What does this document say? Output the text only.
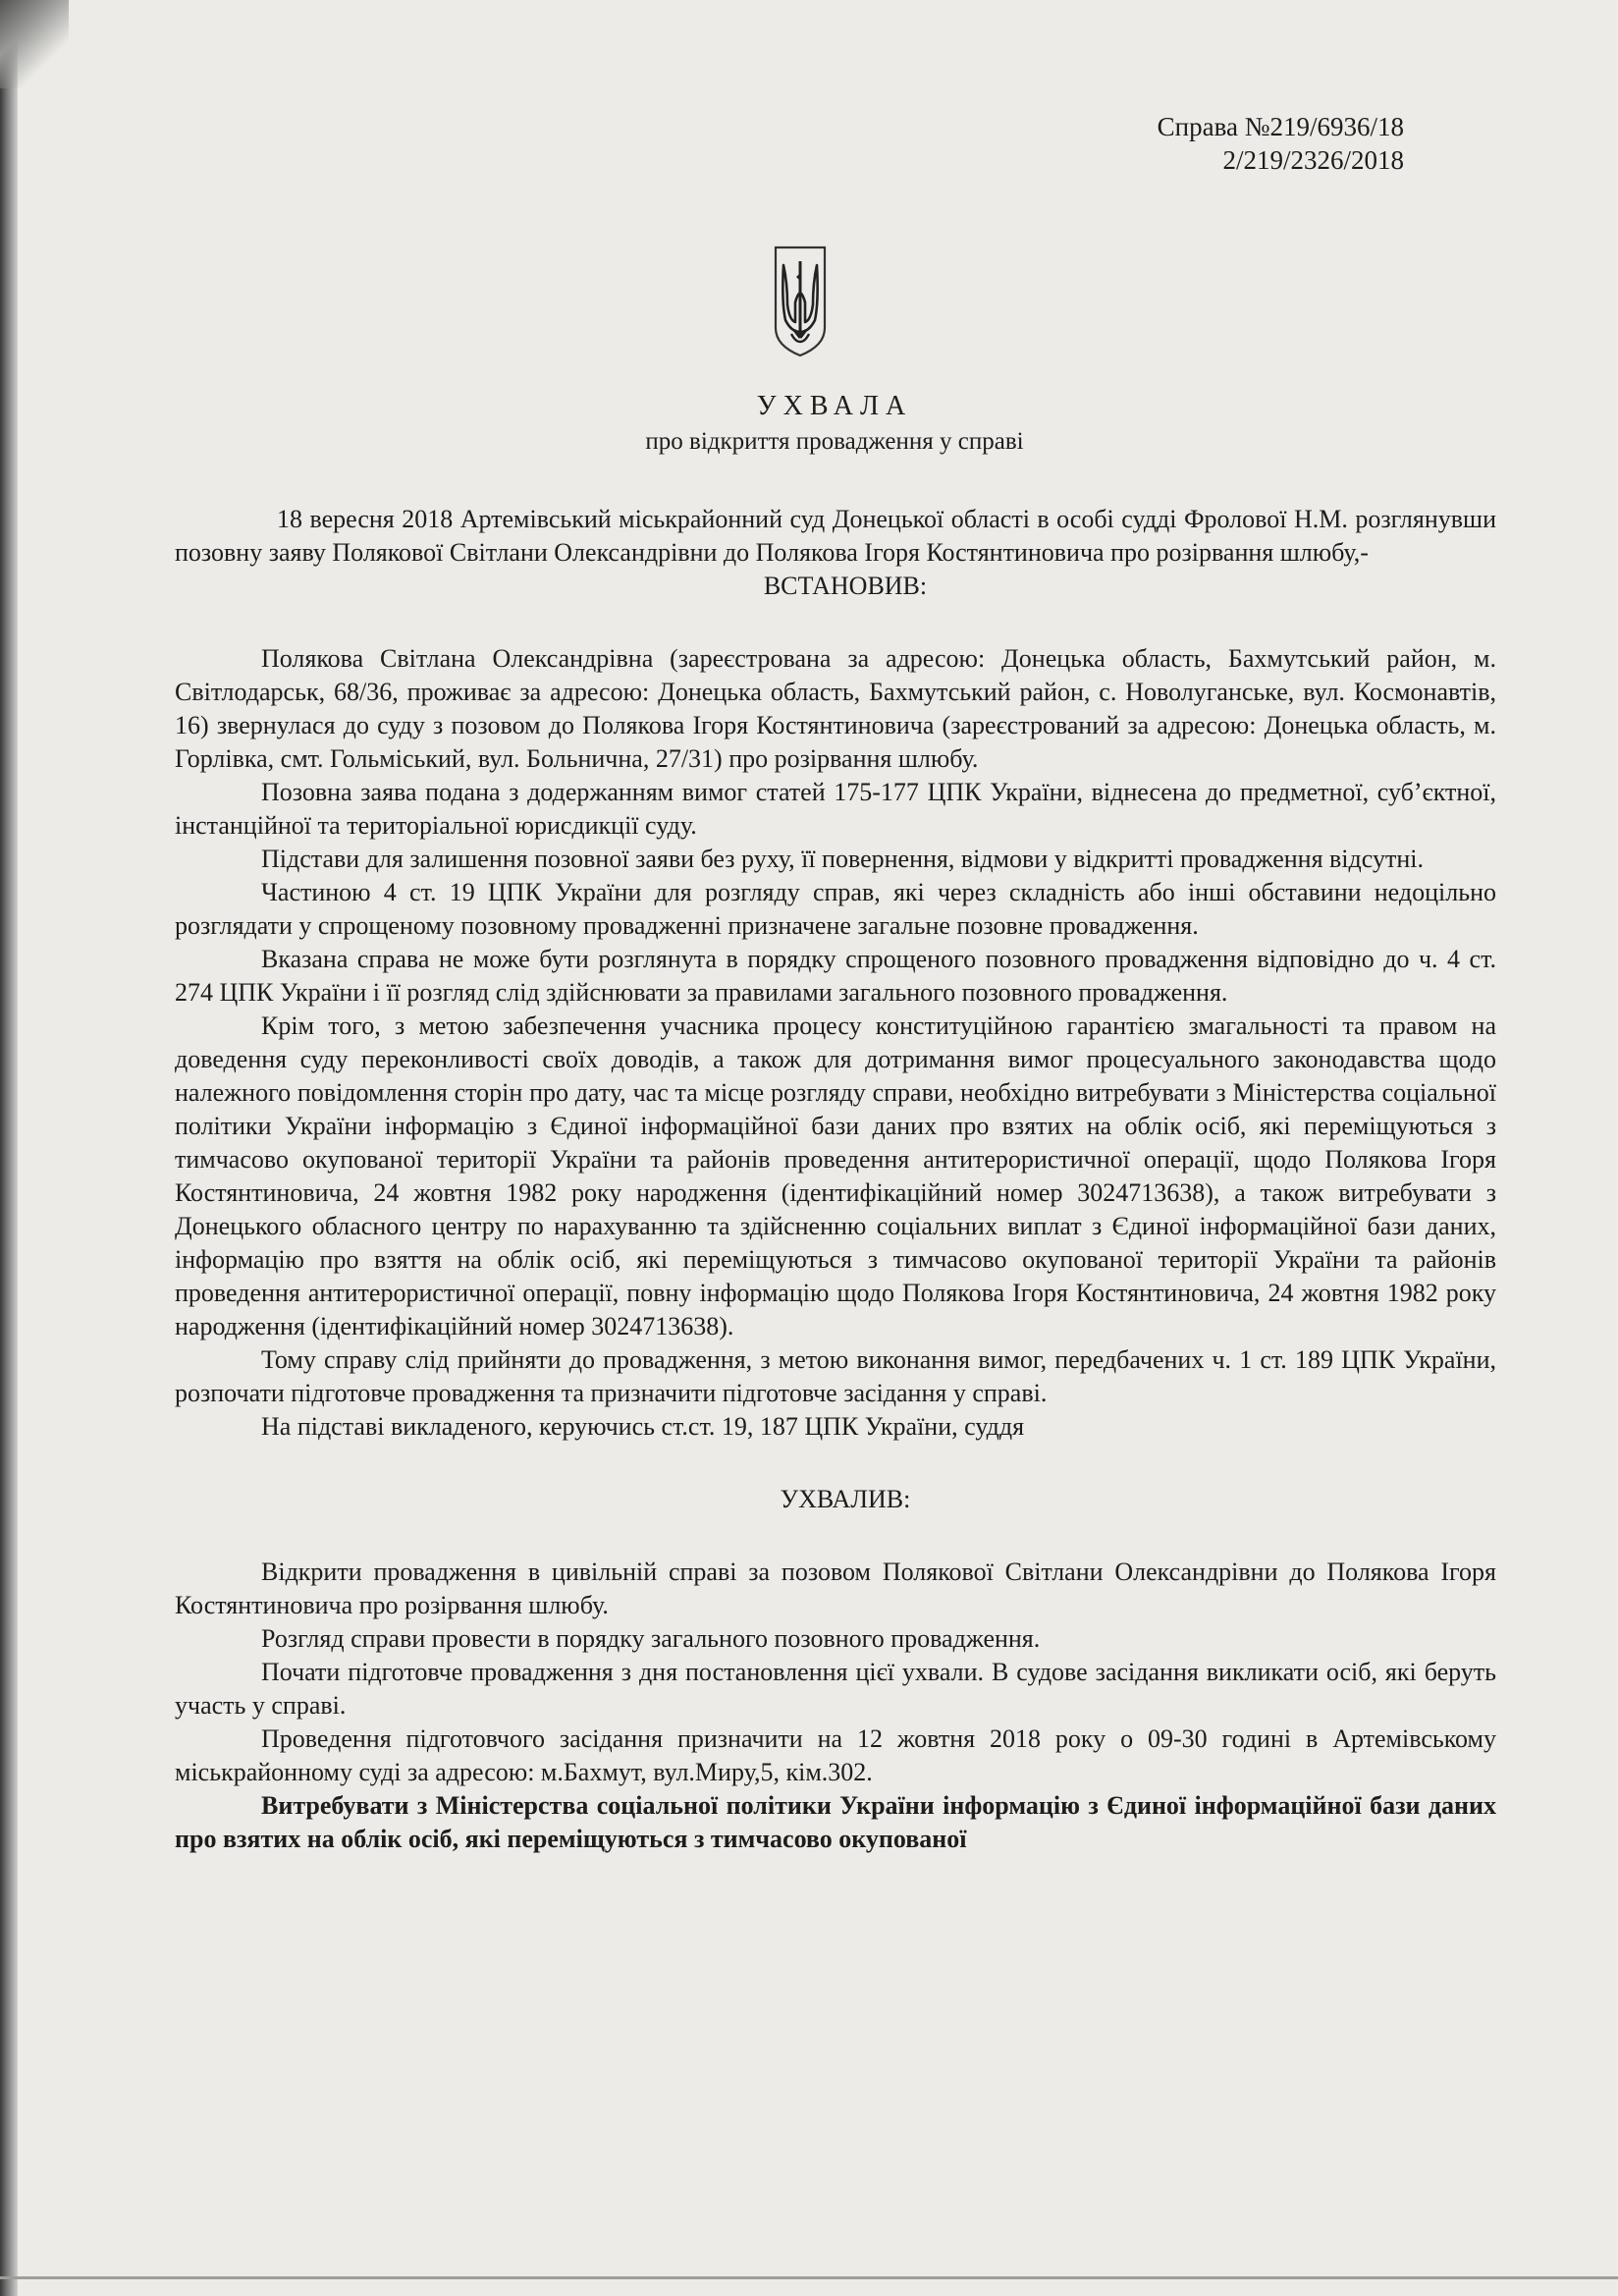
Справа №219/6936/18
2/219/2326/2018
УХВАЛА
про відкриття провадження у справі

18 вересня 2018 Артемівський міськрайонний суд Донецької області в особі судді Фролової Н.М. розглянувши позовну заяву Полякової Світлани Олександрівни до Полякова Ігоря Костянтиновича про розірвання шлюбу,-

ВСТАНОВИВ:

Полякова Світлана Олександрівна (зареєстрована за адресою: Донецька область, Бахмутський район, м. Світлодарськ, 68/36, проживає за адресою: Донецька область, Бахмутський район, с. Новолуганське, вул. Космонавтів, 16) звернулася до суду з позовом до Полякова Ігоря Костянтиновича (зареєстрований за адресою: Донецька область, м. Горлівка, смт. Гольміський, вул. Больнична, 27/31) про розірвання шлюбу.

Позовна заява подана з додержанням вимог статей 175-177 ЦПК України, віднесена до предметної, суб’єктної, інстанційної та територіальної юрисдикції суду.

Підстави для залишення позовної заяви без руху, її повернення, відмови у відкритті провадження відсутні.

Частиною 4 ст. 19 ЦПК України для розгляду справ, які через складність або інші обставини недоцільно розглядати у спрощеному позовному провадженні призначене загальне позовне провадження.

Вказана справа не може бути розглянута в порядку спрощеного позовного провадження відповідно до ч. 4 ст. 274 ЦПК України і її розгляд слід здійснювати за правилами загального позовного провадження.

Крім того, з метою забезпечення учасника процесу конституційною гарантією змагальності та правом на доведення суду переконливості своїх доводів, а також для дотримання вимог процесуального законодавства щодо належного повідомлення сторін про дату, час та місце розгляду справи, необхідно витребувати з Міністерства соціальної політики України інформацію з Єдиної інформаційної бази даних про взятих на облік осіб, які переміщуються з тимчасово окупованої території України та районів проведення антитерористичної операції, щодо Полякова Ігоря Костянтиновича, 24 жовтня 1982 року народження (ідентифікаційний номер 3024713638), а також витребувати з Донецького обласного центру по нарахуванню та здійсненню соціальних виплат з Єдиної інформаційної бази даних, інформацію про взяття на облік осіб, які переміщуються з тимчасово окупованої території України та районів проведення антитерористичної операції, повну інформацію щодо Полякова Ігоря Костянтиновича, 24 жовтня 1982 року народження (ідентифікаційний номер 3024713638).

Тому справу слід прийняти до провадження, з метою виконання вимог, передбачених ч. 1 ст. 189 ЦПК України, розпочати підготовче провадження та призначити підготовче засідання у справі.

На підставі викладеного, керуючись ст.ст. 19, 187 ЦПК України, суддя

УХВАЛИВ:

Відкрити провадження в цивільній справі за позовом Полякової Світлани Олександрівни до Полякова Ігоря Костянтиновича про розірвання шлюбу.

Розгляд справи провести в порядку загального позовного провадження.

Почати підготовче провадження з дня постановлення цієї ухвали. В судове засідання викликати осіб, які беруть участь у справі.

Проведення підготовчого засідання призначити на 12 жовтня 2018 року о 09-30 годині в Артемівському міськрайонному суді за адресою: м.Бахмут, вул.Миру,5, кім.302.

Витребувати з Міністерства соціальної політики України інформацію з Єдиної інформаційної бази даних про взятих на облік осіб, які переміщуються з тимчасово окупованої
